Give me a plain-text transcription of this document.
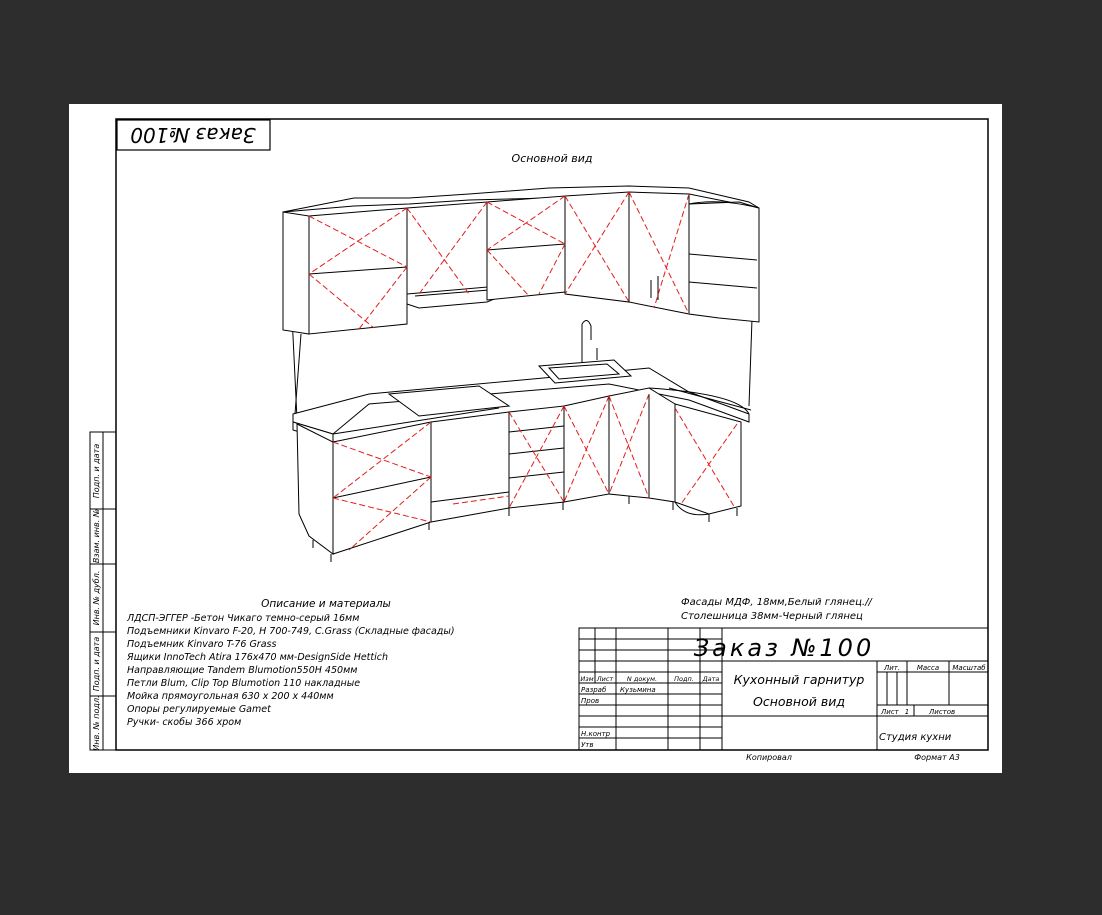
Заказ №100
Основной вид
Описание и материалы
ЛДСП-ЭГГЕР -Бетон Чикаго темно-серый 16мм
Подъемники Kinvaro F-20, H 700-749, C.Grass (Складные фасады)
Подъемник Kinvaro T-76 Grass
Ящики InnoTech Atira 176х470 мм-DesignSide Hettich
Направляющие Tandem Blumotion550H 450мм
Петли Blum, Clip Top Blumotion 110 накладные
Мойка прямоугольная 630 х 200 х 440мм
Опоры регулируемые Gamet
Ручки- скобы 366 хром
Фасады МДФ, 18мм,Белый глянец.//
Столешница 38мм-Черный глянец
Подп. и дата
Взам. инв. №
Инв. № дубл.
Подп. и дата
Инв. № подл.
Заказ №100
Кухонный гарнитур
Основной вид
Изм Лист N докум.	Подп. Дата
Разраб Кузьмина
Пров
Н.контр
Утв
Лит. Масса Масштаб
Лист 1	Листов
Студия кухни
Копировал	Формат А3
